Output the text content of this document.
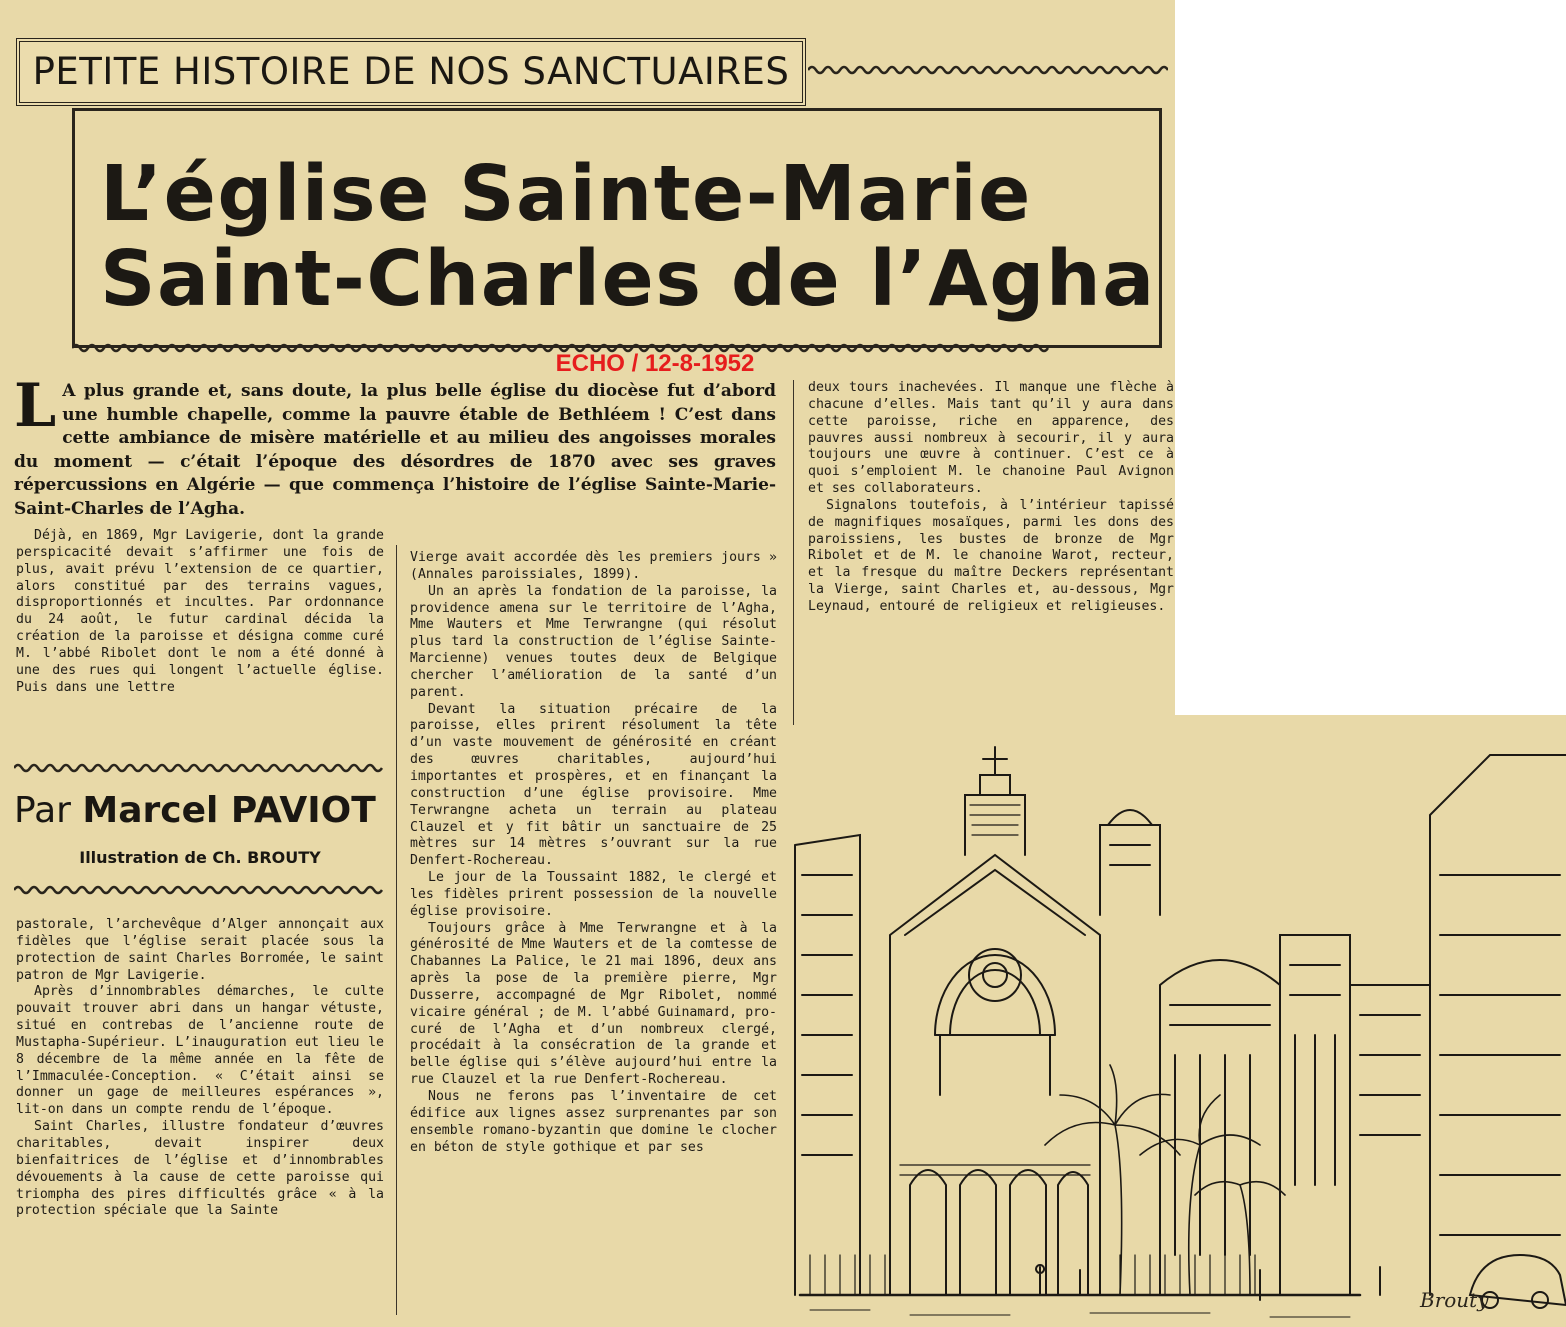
PETITE HISTOIRE DE NOS SANCTUAIRES
L’église Sainte-Marie
Saint-Charles de l’Agha
ECHO / 12-8-1952
L A plus grande et, sans doute, la plus belle église du diocèse fut d’abord une humble chapelle, comme la pauvre étable de Bethléem ! C’est dans cette ambiance de misère matérielle et au milieu des angoisses morales du moment — c’était l’époque des désordres de 1870 avec ses graves répercussions en Algérie — que commença l’histoire de l’église Sainte-Marie-Saint-Charles de l’Agha.

Déjà, en 1869, Mgr Lavigerie, dont la grande perspicacité devait s’affirmer une fois de plus, avait prévu l’extension de ce quartier, alors constitué par des terrains vagues, disproportionnés et incultes. Par ordonnance du 24 août, le futur cardinal décida la création de la paroisse et désigna comme curé M. l’abbé Ribolet dont le nom a été donné à une des rues qui longent l’actuelle église. Puis dans une lettre

Par Marcel PAVIOT
Illustration de Ch. BROUTY

pastorale, l’archevêque d’Alger annonçait aux fidèles que l’église serait placée sous la protection de saint Charles Borromée, le saint patron de Mgr Lavigerie.

Après d’innombrables démarches, le culte pouvait trouver abri dans un hangar vétuste, situé en contrebas de l’ancienne route de Mustapha-Supérieur. L’inauguration eut lieu le 8 décembre de la même année en la fête de l’Immaculée-Conception. « C’était ainsi se donner un gage de meilleures espérances », lit-on dans un compte rendu de l’époque.

Saint Charles, illustre fondateur d’œuvres charitables, devait inspirer deux bienfaitrices de l’église et d’innombrables dévouements à la cause de cette paroisse qui triompha des pires difficultés grâce « à la protection spéciale que la Sainte

Vierge avait accordée dès les premiers jours » (Annales paroissiales, 1899).

Un an après la fondation de la paroisse, la providence amena sur le territoire de l’Agha, Mme Wauters et Mme Terwrangne (qui résolut plus tard la construction de l’église Sainte-Marcienne) venues toutes deux de Belgique chercher l’amélioration de la santé d’un parent.

Devant la situation précaire de la paroisse, elles prirent résolument la tête d’un vaste mouvement de générosité en créant des œuvres charitables, aujourd’hui importantes et prospères, et en finançant la construction d’une église provisoire. Mme Terwrangne acheta un terrain au plateau Clauzel et y fit bâtir un sanctuaire de 25 mètres sur 14 mètres s’ouvrant sur la rue Denfert-Rochereau.

Le jour de la Toussaint 1882, le clergé et les fidèles prirent possession de la nouvelle église provisoire.

Toujours grâce à Mme Terwrangne et à la générosité de Mme Wauters et de la comtesse de Chabannes La Palice, le 21 mai 1896, deux ans après la pose de la première pierre, Mgr Dusserre, accompagné de Mgr Ribolet, nommé vicaire général ; de M. l’abbé Guinamard, pro-curé de l’Agha et d’un nombreux clergé, procédait à la consécration de la grande et belle église qui s’élève aujourd’hui entre la rue Clauzel et la rue Denfert-Rochereau.

Nous ne ferons pas l’inventaire de cet édifice aux lignes assez surprenantes par son ensemble romano-byzantin que domine le clocher en béton de style gothique et par ses

deux tours inachevées. Il manque une flèche à chacune d’elles. Mais tant qu’il y aura dans cette paroisse, riche en apparence, des pauvres aussi nombreux à secourir, il y aura toujours une œuvre à continuer. C’est ce à quoi s’emploient M. le chanoine Paul Avignon et ses collaborateurs.

Signalons toutefois, à l’intérieur tapissé de magnifiques mosaïques, parmi les dons des paroissiens, les bustes de bronze de Mgr Ribolet et de M. le chanoine Warot, recteur, et la fresque du maître Deckers représentant la Vierge, saint Charles et, au-dessous, Mgr Leynaud, entouré de religieux et religieuses.

Brouty
